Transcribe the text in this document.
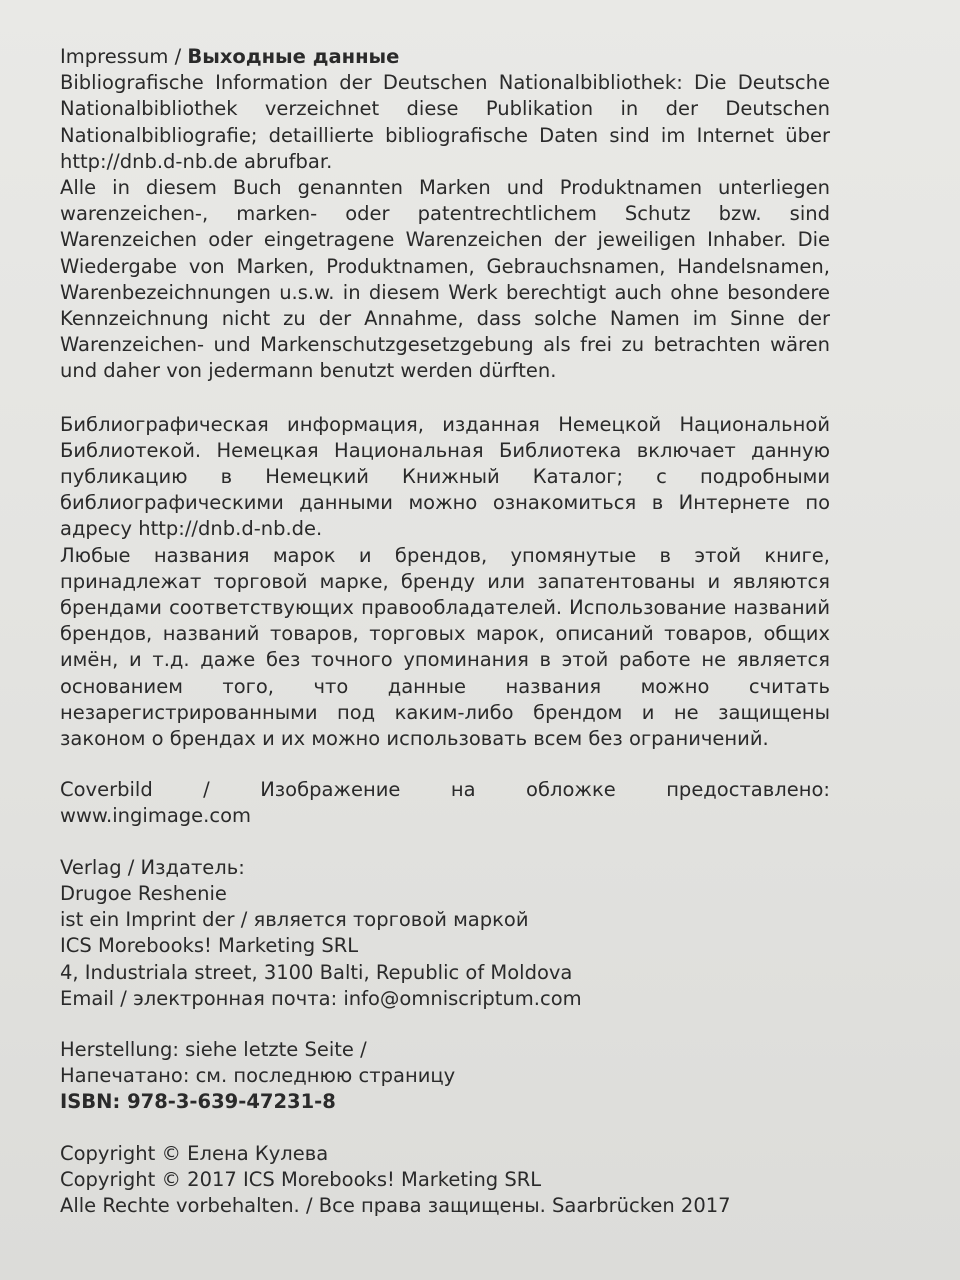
Impressum / Выходные данные

Bibliografische Information der Deutschen Nationalbibliothek: Die Deutsche Nationalbibliothek verzeichnet diese Publikation in der Deutschen Nationalbibliografie; detaillierte bibliografische Daten sind im Internet über http://dnb.d-nb.de abrufbar.

Alle in diesem Buch genannten Marken und Produktnamen unterliegen warenzeichen-, marken- oder patentrechtlichem Schutz bzw. sind Warenzeichen oder eingetragene Warenzeichen der jeweiligen Inhaber. Die Wiedergabe von Marken, Produktnamen, Gebrauchsnamen, Handelsnamen, Warenbezeichnungen u.s.w. in diesem Werk berechtigt auch ohne besondere Kennzeichnung nicht zu der Annahme, dass solche Namen im Sinne der Warenzeichen- und Markenschutzgesetzgebung als frei zu betrachten wären und daher von jedermann benutzt werden dürften.

Библиографическая информация, изданная Немецкой Национальной Библиотекой. Немецкая Национальная Библиотека включает данную публикацию в Немецкий Книжный Каталог; с подробными библиографическими данными можно ознакомиться в Интернете по адресу http://dnb.d-nb.de.

Любые названия марок и брендов, упомянутые в этой книге, принадлежат торговой марке, бренду или запатентованы и являются брендами соответствующих правообладателей. Использование названий брендов, названий товаров, торговых марок, описаний товаров, общих имён, и т.д. даже без точного упоминания в этой работе не является основанием того, что данные названия можно считать незарегистрированными под каким-либо брендом и не защищены законом о брендах и их можно использовать всем без ограничений.

Coverbild	/	Изображение	на	обложке	предоставлено:
www.ingimage.com
Verlag / Издатель:
Drugoe Reshenie
ist ein Imprint der / является торговой маркой
ICS Morebooks! Marketing SRL
4, Industriala street, 3100 Balti, Republic of Moldova
Email / электронная почта: info@omniscriptum.com
Herstellung: siehe letzte Seite /
Напечатано: см. последнюю страницу
ISBN: 978-3-639-47231-8
Copyright © Елена Кулева
Copyright © 2017 ICS Morebooks! Marketing SRL
Alle Rechte vorbehalten. / Все права защищены. Saarbrücken 2017
